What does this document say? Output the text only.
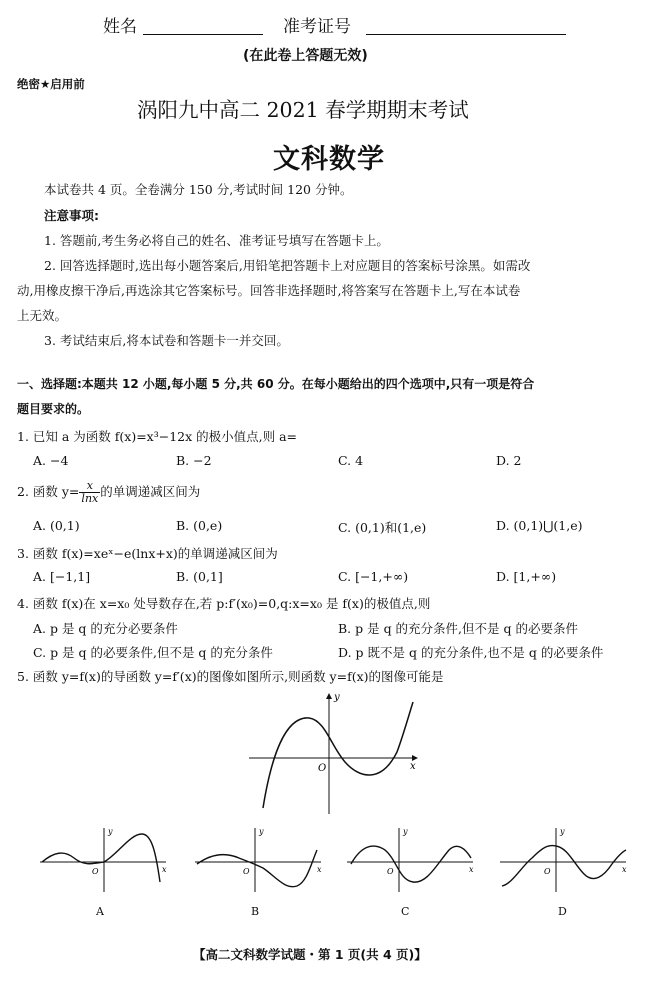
姓名	准考证号
(在此卷上答题无效)
绝密★启用前
涡阳九中高二 2021 春学期期末考试
文科数学
本试卷共 4 页。全卷满分 150 分,考试时间 120 分钟。
注意事项:
1. 答题前,考生务必将自己的姓名、准考证号填写在答题卡上。
2. 回答选择题时,选出每小题答案后,用铅笔把答题卡上对应题目的答案标号涂黑。如需改
动,用橡皮擦干净后,再选涂其它答案标号。回答非选择题时,将答案写在答题卡上,写在本试卷
上无效。
3. 考试结束后,将本试卷和答题卡一并交回。
一、选择题:本题共 12 小题,每小题 5 分,共 60 分。在每小题给出的四个选项中,只有一项是符合
题目要求的。
1. 已知 a 为函数 f(x)=x³−12x 的极小值点,则 a=
A. −4	B. −2	C. 4	D. 2
2. 函数 $y= \frac{x}{\ln x}$ 的单调递减区间为
A. (0,1)	B. (0,e)	C. (0,1)和(1,e)	D. (0,1)⋃(1,e)
3. 函数 f(x)=xeˣ−e(lnx+x)的单调递减区间为
A. [−1,1]	B. (0,1]	C. [−1,+∞)	D. [1,+∞)
4. 函数 f(x)在 x=x₀ 处导数存在,若 p:f′(x₀)=0,q:x=x₀ 是 f(x)的极值点,则
A. p 是 q 的充分必要条件	B. p 是 q 的充分条件,但不是 q 的必要条件
C. p 是 q 的必要条件,但不是 q 的充分条件	D. p 既不是 q 的充分条件,也不是 q 的必要条件
5. 函数 y=f(x)的导函数 y=f′(x)的图像如图所示,则函数 y=f(x)的图像可能是
y
x
O
y
x
O
y
x
O
y
x
O
y
x
O
A	B	C	D
【高二文科数学试题・第 1 页(共 4 页)】
